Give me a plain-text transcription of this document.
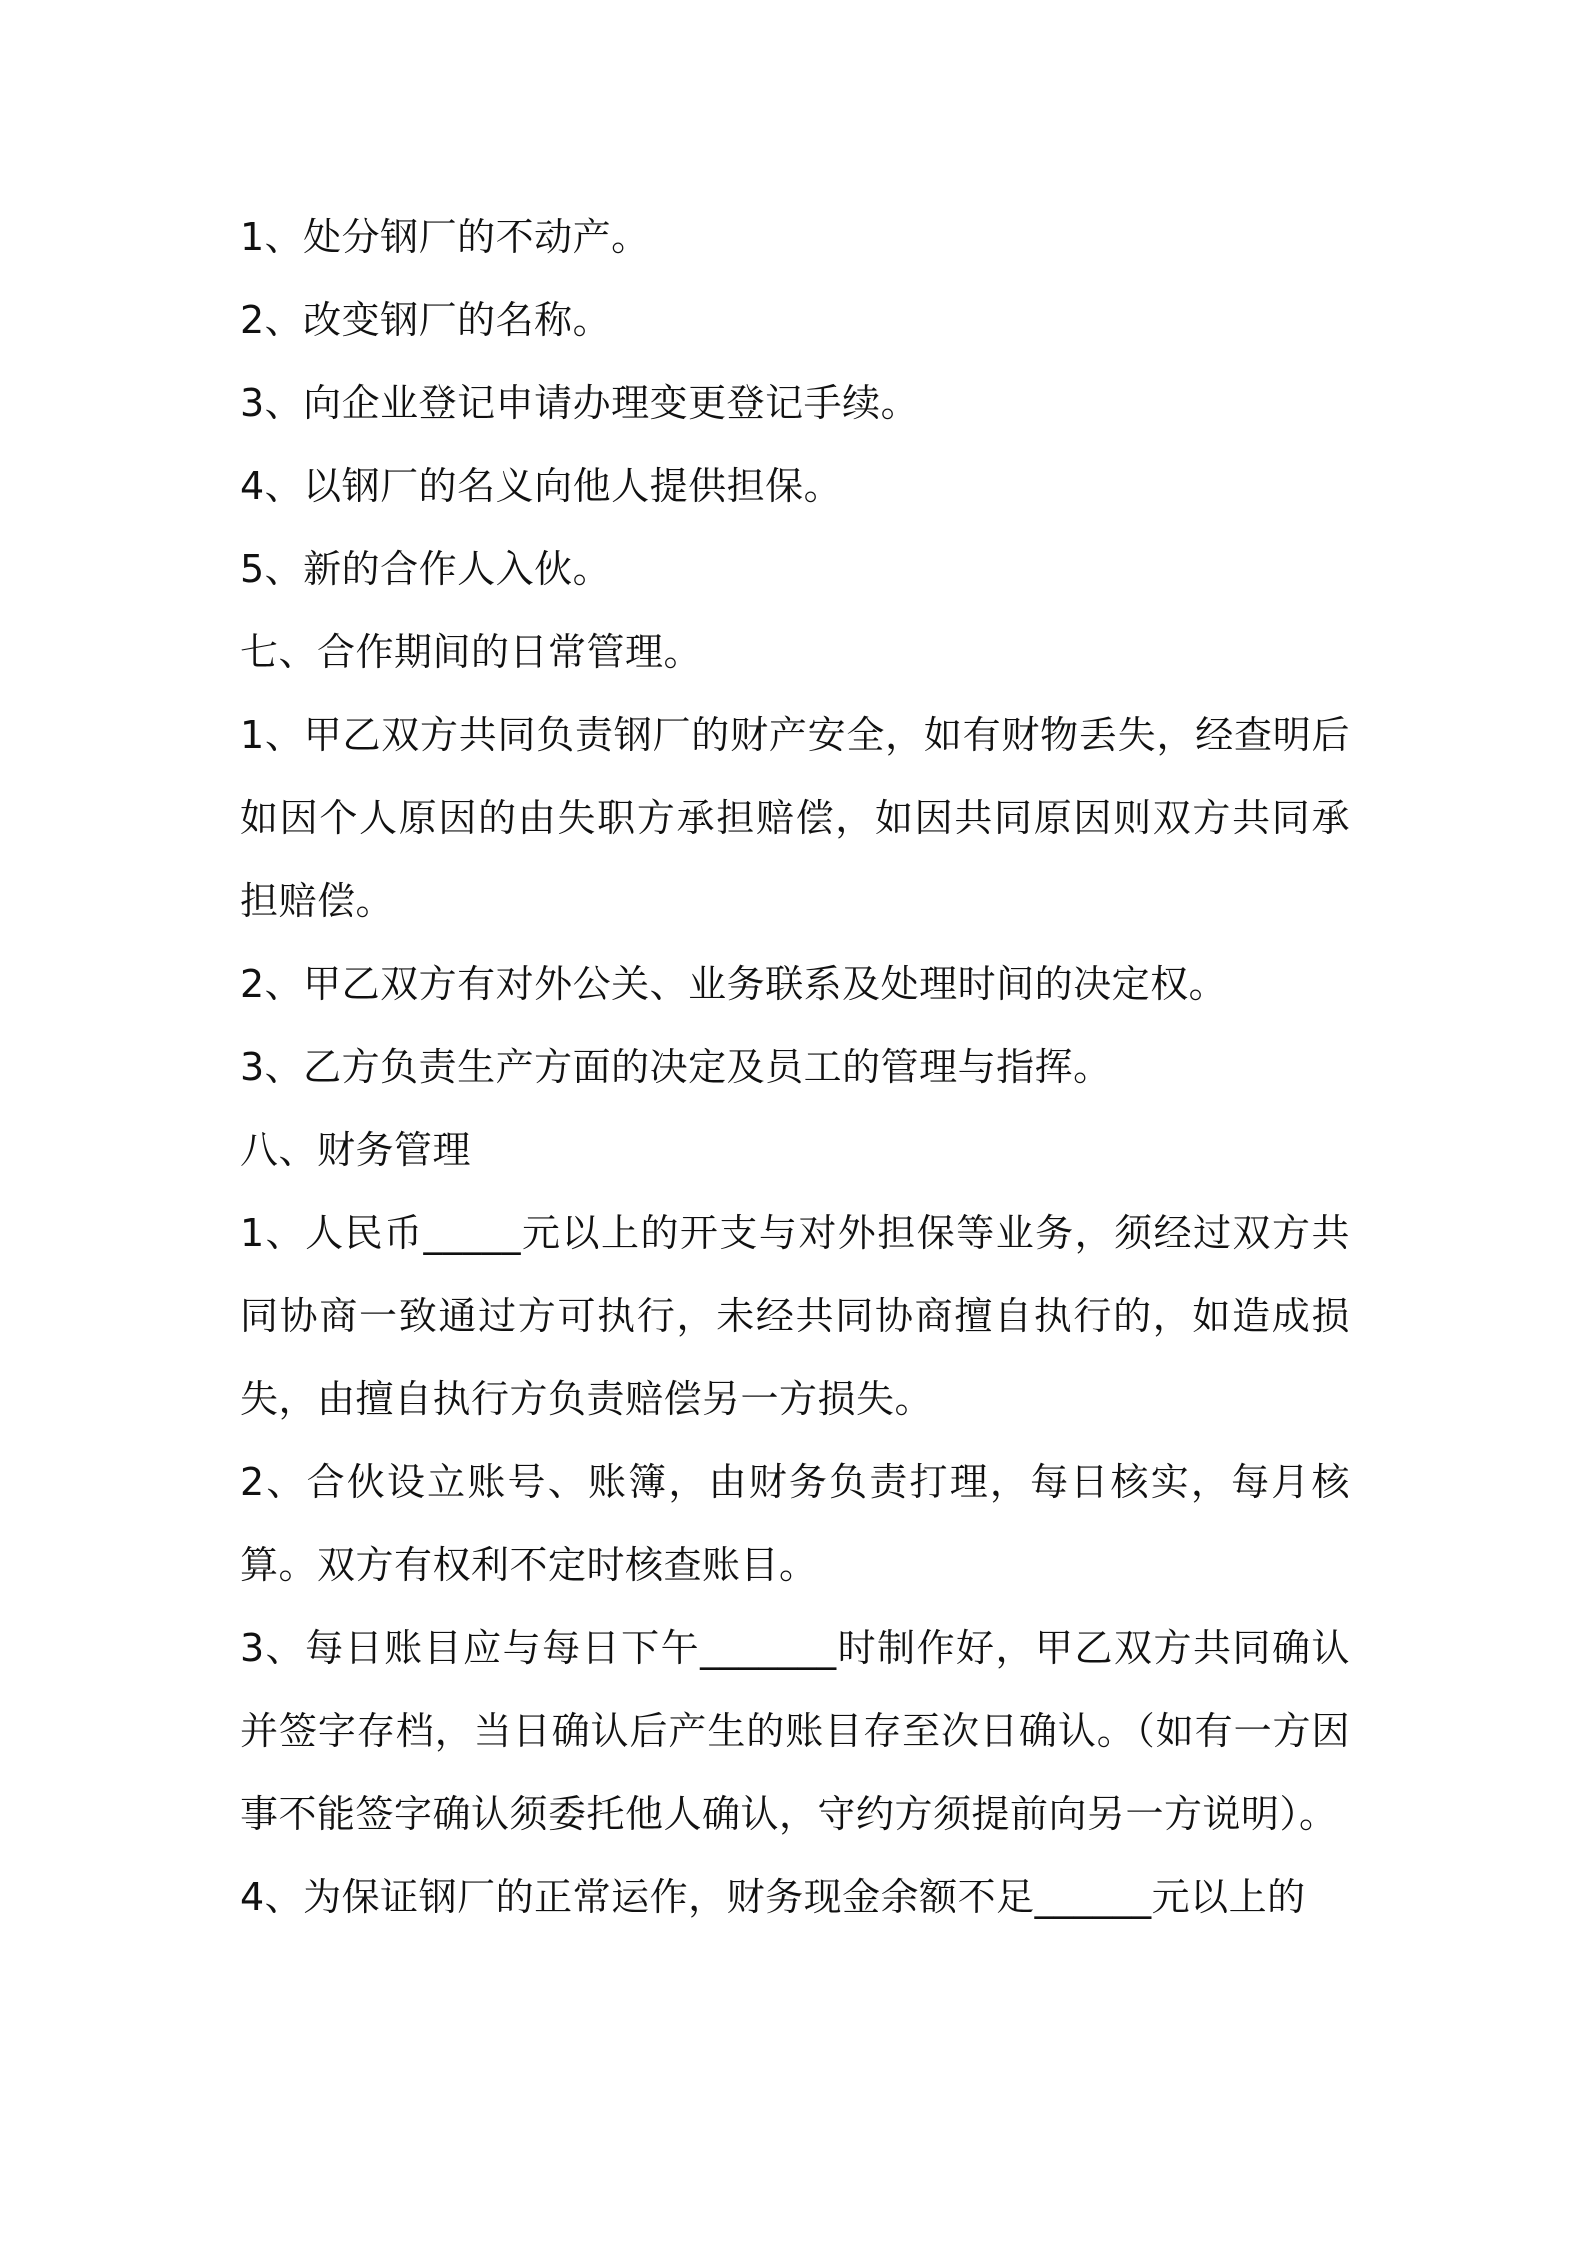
1、处分钢厂的不动产。

2、改变钢厂的名称。

3、向企业登记申请办理变更登记手续。

4、以钢厂的名义向他人提供担保。

5、新的合作人入伙。

七、合作期间的日常管理。

1、甲乙双方共同负责钢厂的财产安全，如有财物丢失，经查明后如因个人原因的由失职方承担赔偿，如因共同原因则双方共同承担赔偿。

2、甲乙双方有对外公关、业务联系及处理时间的决定权。

3、乙方负责生产方面的决定及员工的管理与指挥。

八、财务管理

1、人民币_____元以上的开支与对外担保等业务，须经过双方共同协商一致通过方可执行，未经共同协商擅自执行的，如造成损失，由擅自执行方负责赔偿另一方损失。

2、合伙设立账号、账簿，由财务负责打理，每日核实，每月核算。双方有权利不定时核查账目。

3、每日账目应与每日下午_______时制作好，甲乙双方共同确认并签字存档，当日确认后产生的账目存至次日确认。（如有一方因事不能签字确认须委托他人确认，守约方须提前向另一方说明）。

4、为保证钢厂的正常运作，财务现金余额不足______元以上的
